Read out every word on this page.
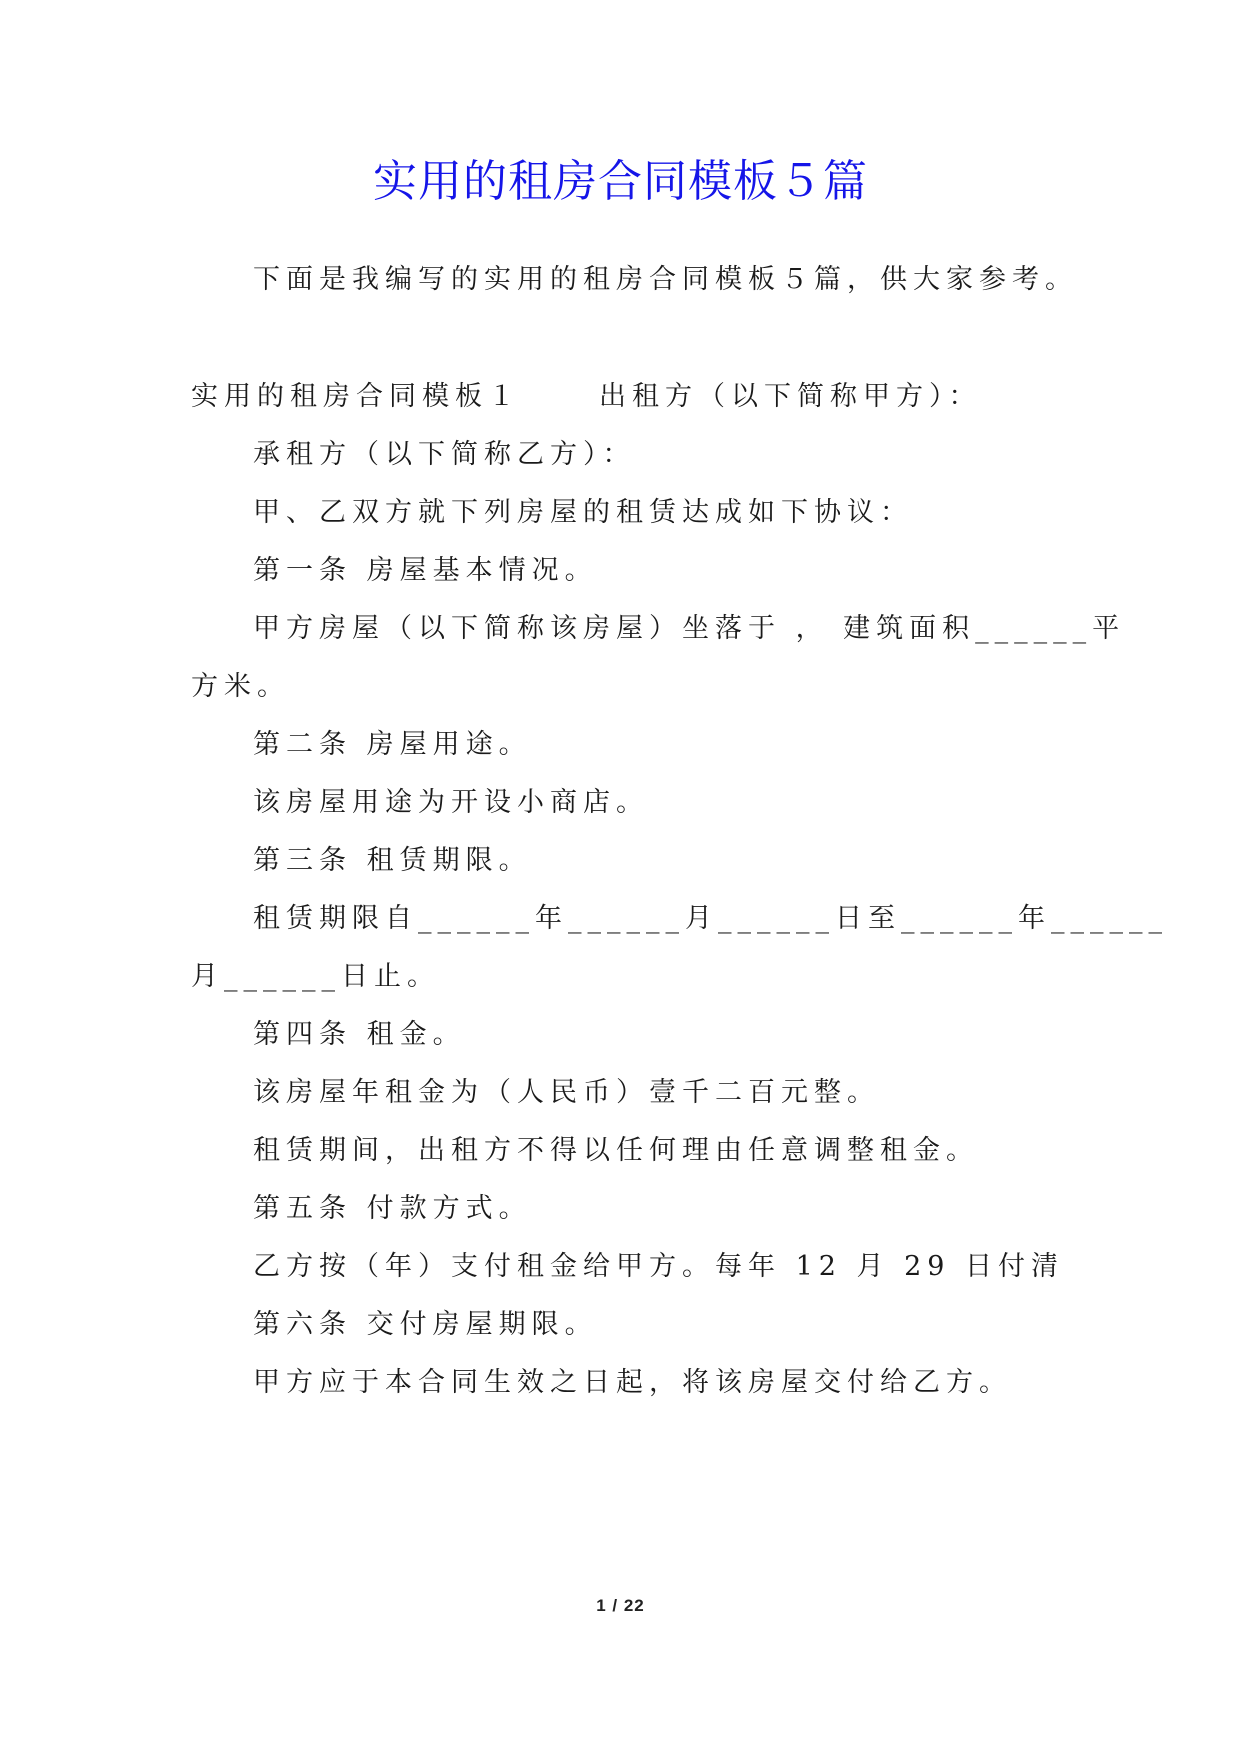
实用的租房合同模板５篇
下面是我编写的实用的租房合同模板５篇，供大家参考。
实用的租房合同模板１	出租方（以下简称甲方）：
承租方（以下简称乙方）：
甲、乙双方就下列房屋的租赁达成如下协议：
第一条 房屋基本情况。
甲方房屋（以下简称该房屋）坐落于 ， 建筑面积______平
方米。
第二条 房屋用途。
该房屋用途为开设小商店。
第三条 租赁期限。
租赁期限自______年______月______日至______年______
月______日止。
第四条 租金。
该房屋年租金为（人民币）壹千二百元整。
租赁期间，出租方不得以任何理由任意调整租金。
第五条 付款方式。
乙方按（年）支付租金给甲方。每年 12 月 29 日付清
第六条 交付房屋期限。
甲方应于本合同生效之日起，将该房屋交付给乙方。
1 / 22
